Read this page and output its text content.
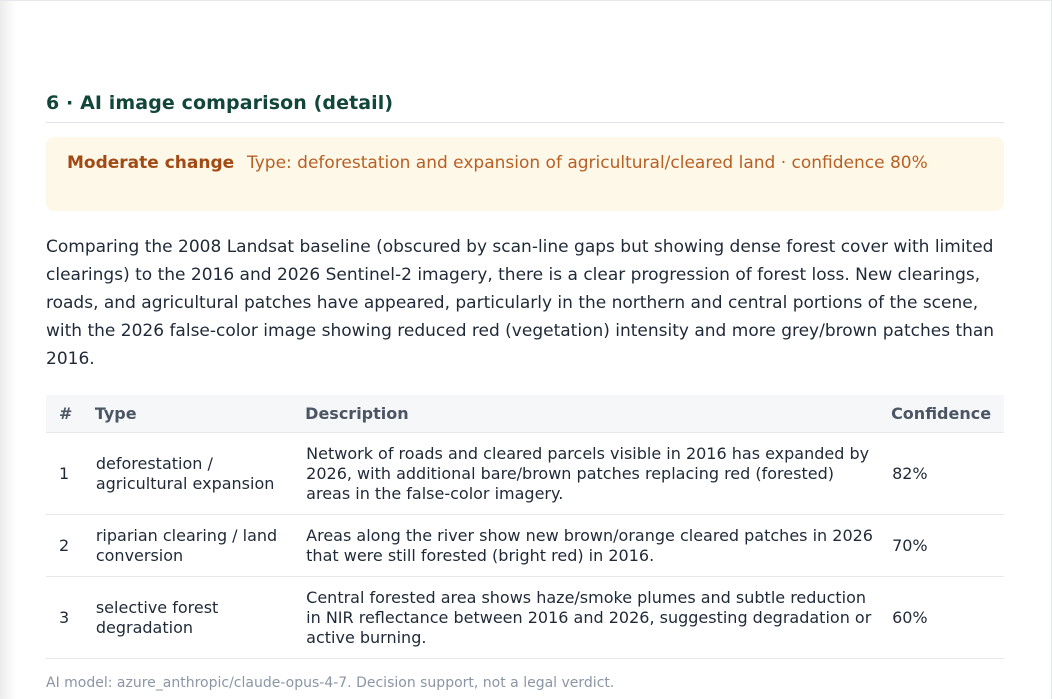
6 · AI image comparison (detail)
Moderate change Type: deforestation and expansion of agricultural/cleared land · confidence 80%

Comparing the 2008 Landsat baseline (obscured by scan-line gaps but showing dense forest cover with limited clearings) to the 2016 and 2026 Sentinel-2 imagery, there is a clear progression of forest loss. New clearings, roads, and agricultural patches have appeared, particularly in the northern and central portions of the scene, with the 2026 false-color image showing reduced red (vegetation) intensity and more grey/brown patches than 2016.

#	Type	Description	Confidence
1	deforestation / agricultural expansion	Network of roads and cleared parcels visible in 2016 has expanded by 2026, with additional bare/brown patches replacing red (forested) areas in the false-color imagery.	82%
2	riparian clearing / land conversion	Areas along the river show new brown/orange cleared patches in 2026 that were still forested (bright red) in 2016.	70%
3	selective forest degradation	Central forested area shows haze/smoke plumes and subtle reduction in NIR reflectance between 2016 and 2026, suggesting degradation or active burning.	60%
AI model: azure_anthropic/claude-opus-4-7. Decision support, not a legal verdict.
